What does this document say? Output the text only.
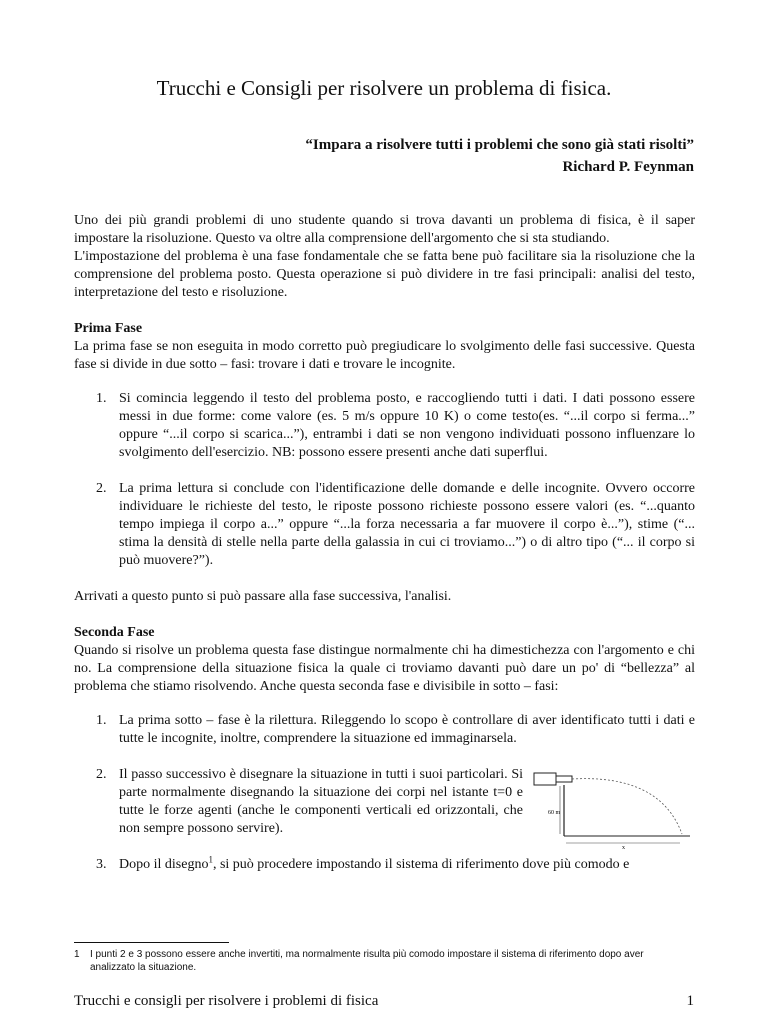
Trucchi e Consigli per risolvere un problema di fisica.
“Impara a risolvere tutti i problemi che sono già stati risolti”
Richard P. Feynman

Uno dei più grandi problemi di uno studente quando si trova davanti un problema di fisica, è il saper impostare la risoluzione. Questo va oltre alla comprensione dell'argomento che si sta studiando.

L'impostazione del problema è una fase fondamentale che se fatta bene può facilitare sia la risoluzione che la comprensione del problema posto. Questa operazione si può dividere in tre fasi principali: analisi del testo, interpretazione del testo e risoluzione.

Prima Fase

La prima fase se non eseguita in modo corretto può pregiudicare lo svolgimento delle fasi successive. Questa fase si divide in due sotto – fasi: trovare i dati e trovare le incognite.

1. Si comincia leggendo il testo del problema posto, e raccogliendo tutti i dati. I dati possono essere messi in due forme: come valore (es. 5 m/s oppure 10 K) o come testo(es. “...il corpo si ferma...” oppure “...il corpo si scarica...”), entrambi i dati se non vengono individuati possono influenzare lo svolgimento dell'esercizio. NB: possono essere presenti anche dati superflui.
2. La prima lettura si conclude con l'identificazione delle domande e delle incognite. Ovvero occorre individuare le richieste del testo, le riposte possono richieste possono essere valori (es. “...quanto tempo impiega il corpo a...” oppure “...la forza necessaria a far muovere il corpo è...”), stime (“... stima la densità di stelle nella parte della galassia in cui ci troviamo...”) o di altro tipo (“... il corpo si può muovere?”).

Arrivati a questo punto si può passare alla fase successiva, l'analisi.

Seconda Fase

Quando si risolve un problema questa fase distingue normalmente chi ha dimestichezza con l'argomento e chi no. La comprensione della situazione fisica la quale ci troviamo davanti può dare un po' di “bellezza” al problema che stiamo risolvendo. Anche questa seconda fase e divisibile in sotto – fasi:

1. La prima sotto – fase è la rilettura. Rileggendo lo scopo è controllare di aver identificato tutti i dati e tutte le incognite, inoltre, comprendere la situazione ed immaginarsela.
2. Il passo successivo è disegnare la situazione in tutti i suoi particolari. Si parte normalmente disegnando la situazione dei corpi nel istante t=0 e tutte le forze agenti (anche le componenti verticali ed orizzontali, che non sempre possono servire).
60 m
x
3. Dopo il disegno$^1$, si può procedere impostando il sistema di riferimento dove più comodo e
1 I punti 2 e 3 possono essere anche invertiti, ma normalmente risulta più comodo impostare il sistema di riferimento dopo aver analizzato la situazione.
Trucchi e consigli per risolvere i problemi di fisica	1
